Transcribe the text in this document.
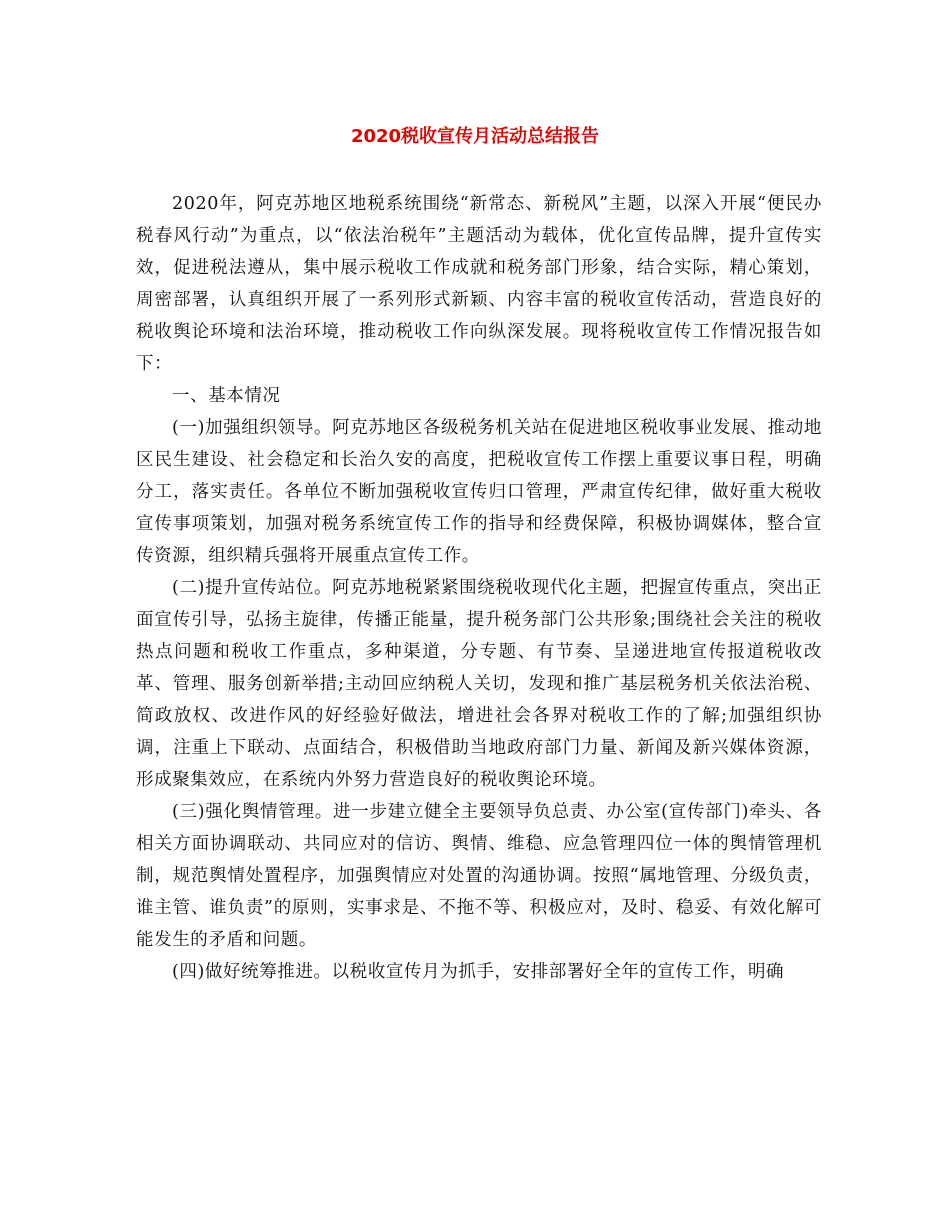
2020税收宣传月活动总结报告

2020年，阿克苏地区地税系统围绕“新常态、新税风”主题，以深入开展“便民办税春风行动”为重点，以“依法治税年”主题活动为载体，优化宣传品牌，提升宣传实效，促进税法遵从，集中展示税收工作成就和税务部门形象，结合实际，精心策划，周密部署，认真组织开展了一系列形式新颖、内容丰富的税收宣传活动，营造良好的税收舆论环境和法治环境，推动税收工作向纵深发展。现将税收宣传工作情况报告如下：

一、基本情况

(一)加强组织领导。阿克苏地区各级税务机关站在促进地区税收事业发展、推动地区民生建设、社会稳定和长治久安的高度，把税收宣传工作摆上重要议事日程，明确分工，落实责任。各单位不断加强税收宣传归口管理，严肃宣传纪律，做好重大税收宣传事项策划，加强对税务系统宣传工作的指导和经费保障，积极协调媒体，整合宣传资源，组织精兵强将开展重点宣传工作。

(二)提升宣传站位。阿克苏地税紧紧围绕税收现代化主题，把握宣传重点，突出正面宣传引导，弘扬主旋律，传播正能量，提升税务部门公共形象;围绕社会关注的税收热点问题和税收工作重点，多种渠道，分专题、有节奏、呈递进地宣传报道税收改革、管理、服务创新举措;主动回应纳税人关切，发现和推广基层税务机关依法治税、简政放权、改进作风的好经验好做法，增进社会各界对税收工作的了解;加强组织协调，注重上下联动、点面结合，积极借助当地政府部门力量、新闻及新兴媒体资源，形成聚集效应，在系统内外努力营造良好的税收舆论环境。

(三)强化舆情管理。进一步建立健全主要领导负总责、办公室(宣传部门)牵头、各相关方面协调联动、共同应对的信访、舆情、维稳、应急管理四位一体的舆情管理机制，规范舆情处置程序，加强舆情应对处置的沟通协调。按照“属地管理、分级负责，谁主管、谁负责”的原则，实事求是、不拖不等、积极应对，及时、稳妥、有效化解可能发生的矛盾和问题。

(四)做好统筹推进。以税收宣传月为抓手，安排部署好全年的宣传工作，明确
